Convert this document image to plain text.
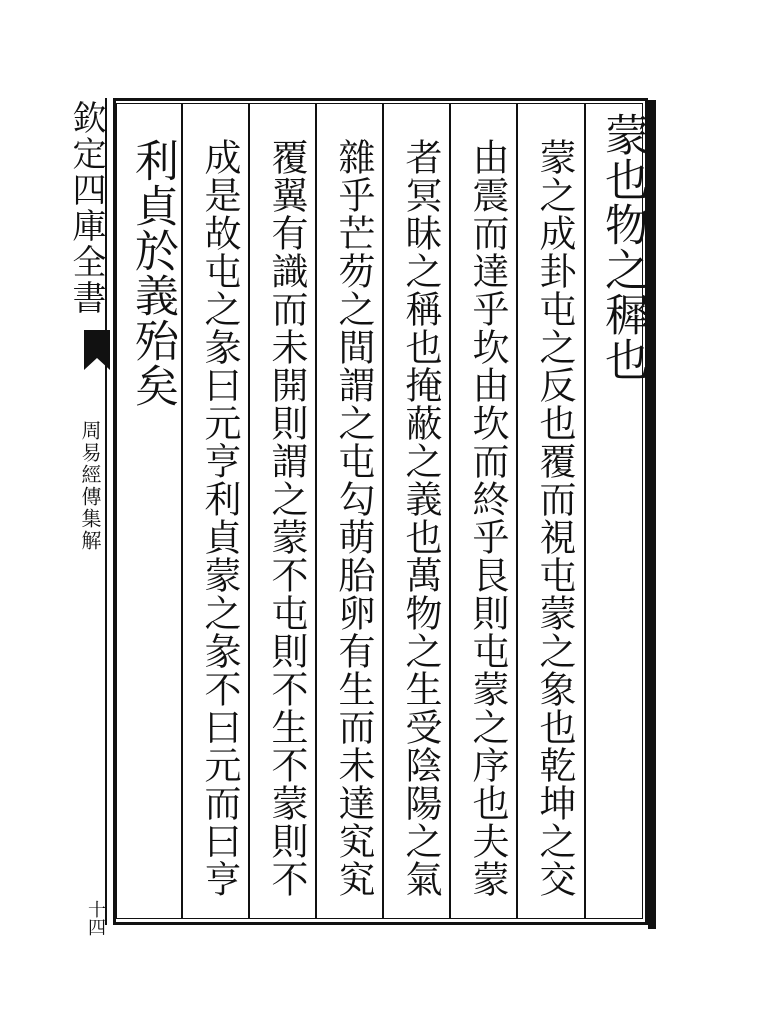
欽定四庫全書
周易經傳集解
十四
蒙也物之穉也
蒙之成卦屯之反也覆而視屯蒙之象也乾坤之交
由震而達乎坎由坎而終乎艮則屯蒙之序也夫蒙
者冥昧之稱也掩蔽之義也萬物之生受陰陽之氣
雜乎芒芴之間謂之屯勾萌胎卵有生而未達䆒䆒
覆翼有識而未開則謂之蒙不屯則不生不蒙則不
成是故屯之彖曰元亨利貞蒙之彖不曰元而曰亨
利貞於義殆矣
